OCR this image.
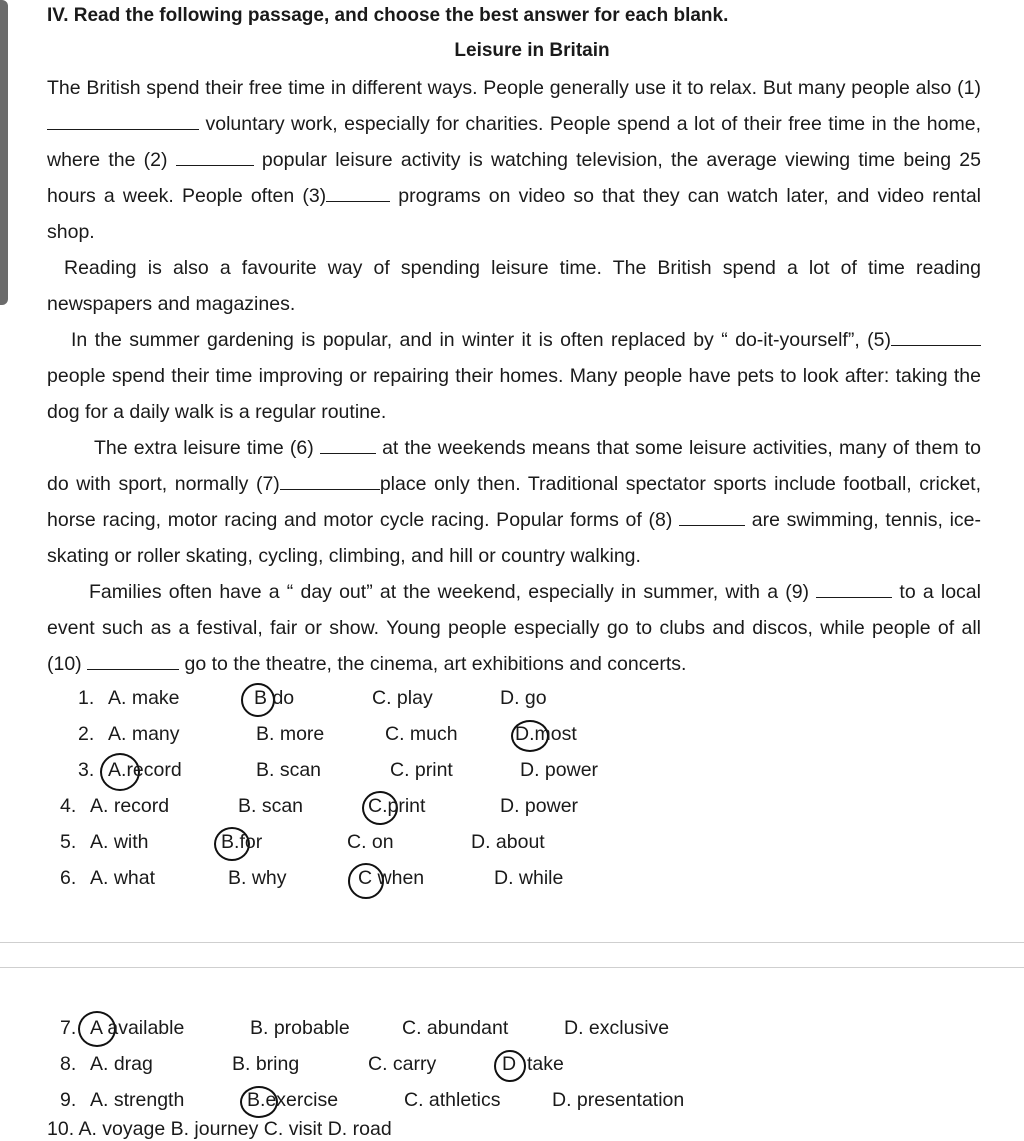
IV. Read the following passage, and choose the best answer for each blank.
Leisure in Britain

The British spend their free time in different ways. People generally use it to relax. But many people also (1)  voluntary work, especially for charities. People spend a lot of their free time in the home, where the (2)	popular leisure activity is watching television, the average viewing time being 25 hours a week. People often (3)	programs on video so that they can watch later, and video rental shop.

Reading is also a favourite way of spending leisure time. The British spend a lot of time reading newspapers and magazines.

In the summer gardening is popular, and in winter it is often replaced by “ do-it-yourself”, (5)people spend their time improving or repairing their homes. Many people have pets to look after: taking the dog for a daily walk is a regular routine.

The extra leisure time (6)	at the weekends means that some leisure activities, many of them to do with sport, normally (7)	place only then. Traditional spectator sports include football, cricket, horse racing, motor racing and motor cycle racing. Popular forms of (8)	are swimming, tennis, ice-skating or roller skating, cycling, climbing, and hill or country walking.

Families often have a “ day out” at the weekend, especially in summer, with a (9)	to a local event such as a festival, fair or show. Young people especially go to clubs and discos, while people of all (10)	go to the theatre, the cinema, art exhibitions and concerts.

1. A. make	B do	C. play	D. go
2. A. many	B. more	C. much	D.most
3. A.record	B. scan	C. print	D. power
4. A. record	B. scan	C.print	D. power
5. A. with	B.for	C. on	D. about
6. A. what	B. why	C when	D. while
7. A available	B. probable	C. abundant	D. exclusive
8. A. drag	B. bring	C. carry	D take
9. A. strength	B.exercise	C. athletics	D. presentation
10. A. voyage B. journey C. visit D. road
